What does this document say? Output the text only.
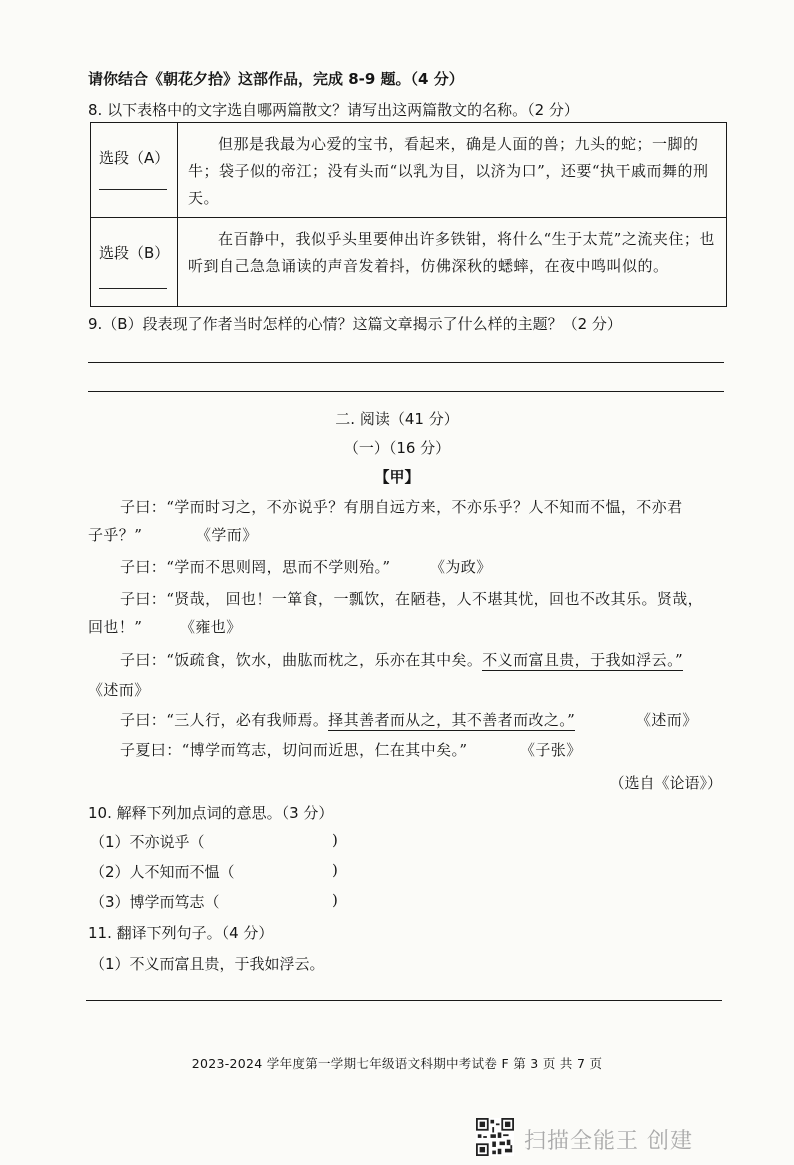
请你结合《朝花夕拾》这部作品，完成 8-9 题。（4 分）
8. 以下表格中的文字选自哪两篇散文？请写出这两篇散文的名称。（2 分）
选段（A）	但那是我最为心爱的宝书，看起来，确是人面的兽；九头的蛇；一脚的牛；袋子似的帝江；没有头而“以乳为目，以济为口”，还要“执干戚而舞的刑天。

选段（B）	在百静中，我似乎头里要伸出许多铁钳，将什么“生于太荒”之流夹住；也听到自己急急诵读的声音发着抖，仿佛深秋的蟋蟀，在夜中鸣叫似的。
9.（B）段表现了作者当时怎样的心情？这篇文章揭示了什么样的主题？（2 分）
二. 阅读（41 分）
（一）（16 分）
【甲】
子曰：“学而时习之，不亦说乎？有朋自远方来，不亦乐乎？人不知而不愠，不亦君
子乎？”	《学而》
子曰：“学而不思则罔，思而不学则殆。”	《为政》
子曰：“贤哉， 回也！一箪食，一瓢饮，在陋巷，人不堪其忧，回也不改其乐。贤哉，
回也！”	《雍也》
子曰：“饭疏食，饮水，曲肱而枕之，乐亦在其中矣。不义而富且贵，于我如浮云。”
《述而》
子曰：“三人行，必有我师焉。择其善者而从之，其不善者而改之。”	《述而》
子夏曰：“博学而笃志，切问而近思，仁在其中矣。”	《子张》
（选自《论语》）
10. 解释下列加点词的意思。（3 分）
（1）不亦说乎（	)
（2）人不知而不愠（	)
（3）博学而笃志（	)
11. 翻译下列句子。（4 分）
（1）不义而富且贵，于我如浮云。
2023-2024 学年度第一学期七年级语文科期中考试卷 F 第 3 页 共 7 页
扫描全能王 创建
